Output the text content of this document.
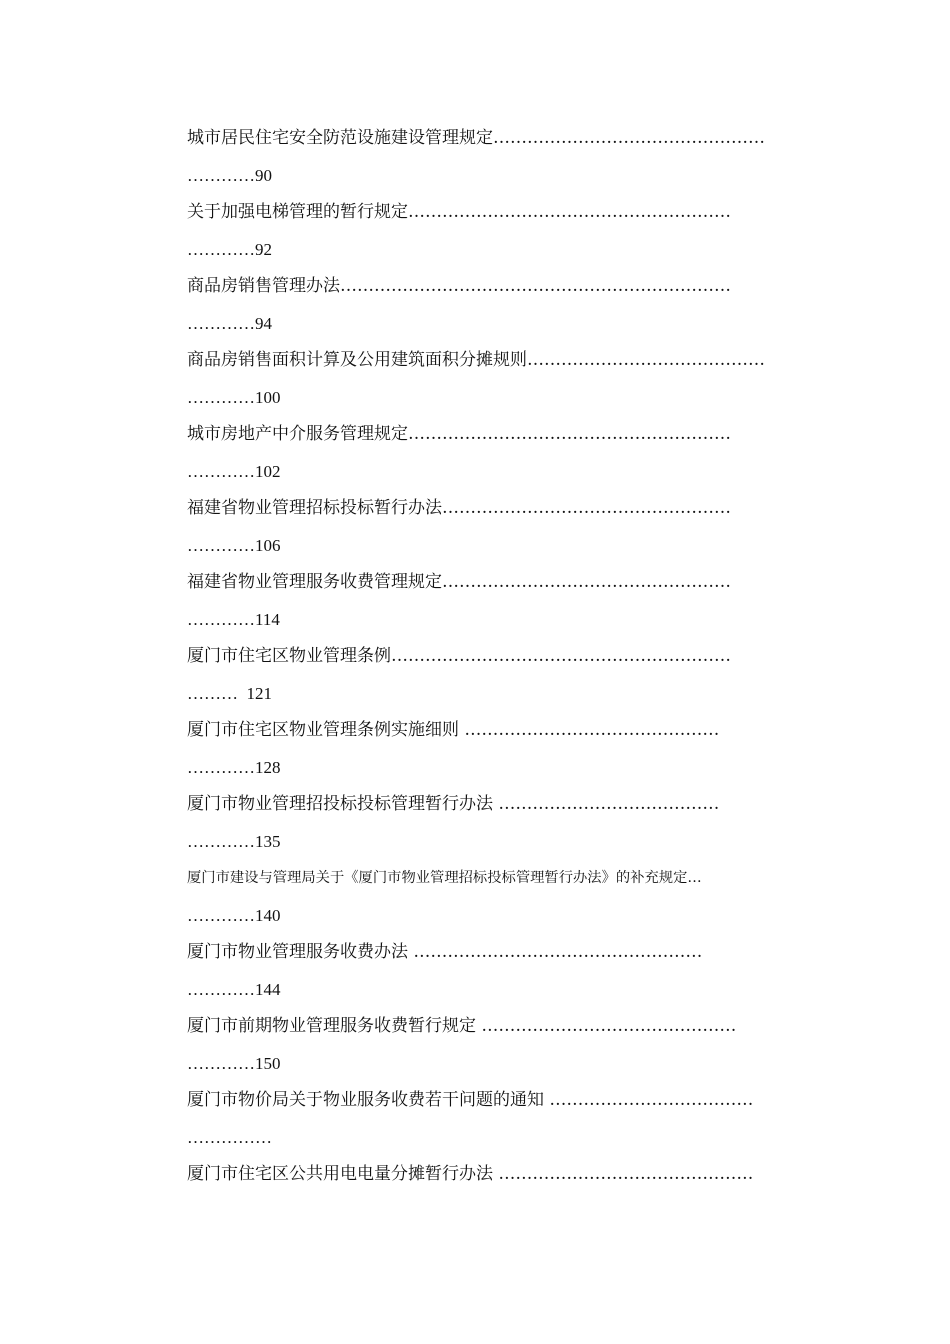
城市居民住宅安全防范设施建设管理规定…………………………………………
…………90
关于加强电梯管理的暂行规定…………………………………………………
…………92
商品房销售管理办法……………………………………………………………
…………94
商品房销售面积计算及公用建筑面积分摊规则……………………………………
…………100
城市房地产中介服务管理规定…………………………………………………
…………102
福建省物业管理招标投标暂行办法……………………………………………
…………106
福建省物业管理服务收费管理规定……………………………………………
…………114
厦门市住宅区物业管理条例……………………………………………………
………  121
厦门市住宅区物业管理条例实施细则 ………………………………………
…………128
厦门市物业管理招投标投标管理暂行办法 …………………………………
…………135
厦门市建设与管理局关于《厦门市物业管理招标投标管理暂行办法》的补充规定…
…………140
厦门市物业管理服务收费办法 ……………………………………………
…………144
厦门市前期物业管理服务收费暂行规定 ………………………………………
…………150
厦门市物价局关于物业服务收费若干问题的通知 ………………………………
……………
厦门市住宅区公共用电电量分摊暂行办法 ………………………………………
